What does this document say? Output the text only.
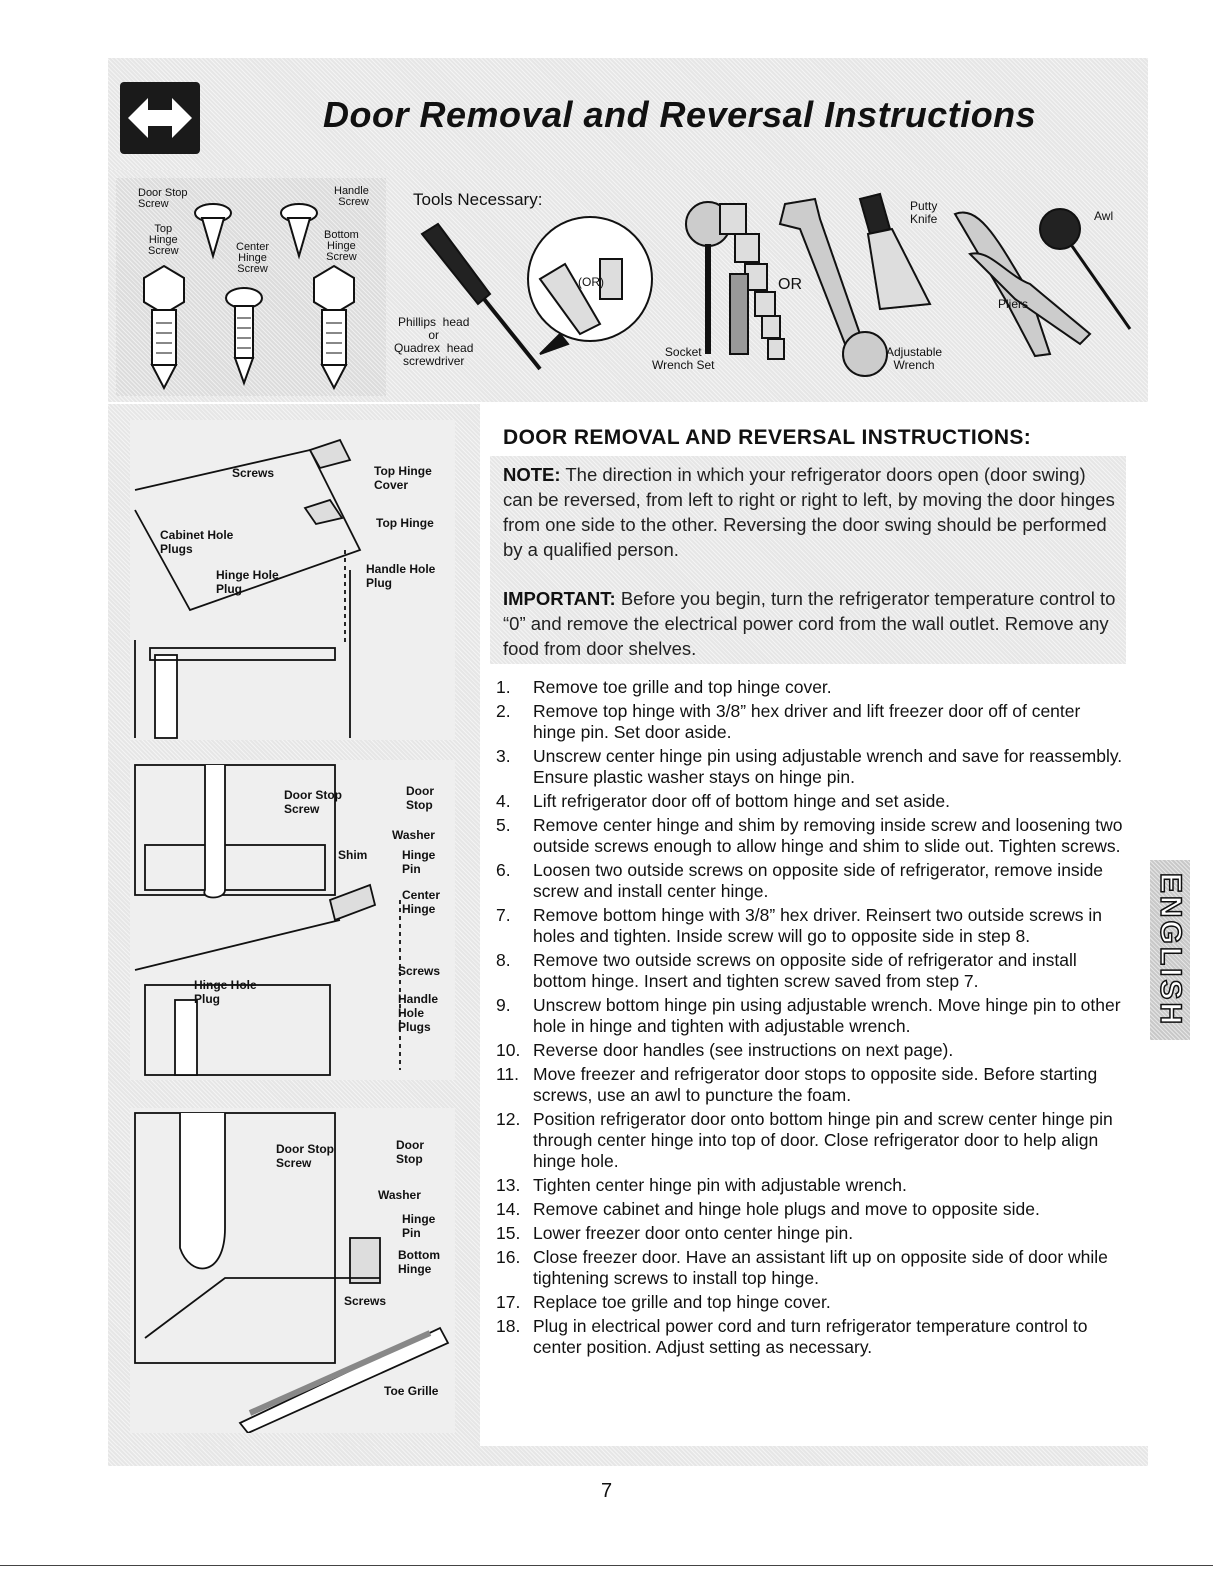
Door Removal and Reversal Instructions
Door Stop
Screw
Handle
Screw
Top
Hinge
Screw
Bottom
Hinge
Screw
Center
Hinge
Screw
Tools Necessary:
Phillips  head
or
Quadrex  head
screwdriver
(OR)
Socket
Wrench Set
OR
Adjustable
Wrench
Putty
Knife
Pliers
Awl
Screws	Top Hinge
Cover
Top Hinge
Cabinet Hole
Plugs
Hinge Hole
Plug
Handle Hole
Plug
Door Stop
Screw
Door
Stop
Washer
Shim	Hinge
Pin
Center
Hinge
Screws
Hinge Hole
Plug	Handle
Hole
Plugs
Door Stop
Screw
Door
Stop
Washer
Hinge
Pin
Bottom
Hinge
Screws
Toe Grille
DOOR REMOVAL AND REVERSAL INSTRUCTIONS:
NOTE: The direction in which your refrigerator doors open (door swing) can be reversed, from left to right or right to left, by moving the door hinges from one side to the other. Reversing the door swing should be performed by a qualified person.
IMPORTANT: Before you begin, turn the refrigerator temperature control to “0” and remove the electrical power cord from the wall outlet. Remove any food from door shelves.
1.	Remove toe grille and top hinge cover.
2.	Remove top hinge with 3/8” hex driver and lift freezer door off of center hinge pin. Set door aside.
3.	Unscrew center hinge pin using adjustable wrench and save for reassembly. Ensure plastic washer stays on hinge pin.
4.	Lift refrigerator door off of bottom hinge and set aside.
5.	Remove center hinge and shim by removing inside screw and loosening two outside screws enough to allow hinge and shim to slide out. Tighten screws.
6.	Loosen two outside screws on opposite side of refrigerator, remove inside screw and install center hinge.
7.	Remove bottom hinge with 3/8” hex driver. Reinsert two outside screws in holes and tighten. Inside screw will go to opposite side in step 8.
8.	Remove two outside screws on opposite side of refrigerator and install bottom hinge. Insert and tighten screw saved from step 7.
9.	Unscrew bottom hinge pin using adjustable wrench. Move hinge pin to other hole in hinge and tighten with adjustable wrench.
10. Reverse door handles (see instructions on next page).
11. Move freezer and refrigerator door stops to opposite side. Before starting screws, use an awl to puncture the foam.
12. Position refrigerator door onto bottom hinge pin and screw center hinge pin through center hinge into top of door. Close refrigerator door to help align hinge hole.
13. Tighten center hinge pin with adjustable wrench.
14. Remove cabinet and hinge hole plugs and move to opposite side.
15. Lower freezer door onto center hinge pin.
16. Close freezer door. Have an assistant lift up on opposite side of door while tightening screws to install top hinge.
17. Replace toe grille and top hinge cover.
18. Plug in electrical power cord and turn refrigerator temperature control to center position. Adjust setting as necessary.
ENGLISH
7
